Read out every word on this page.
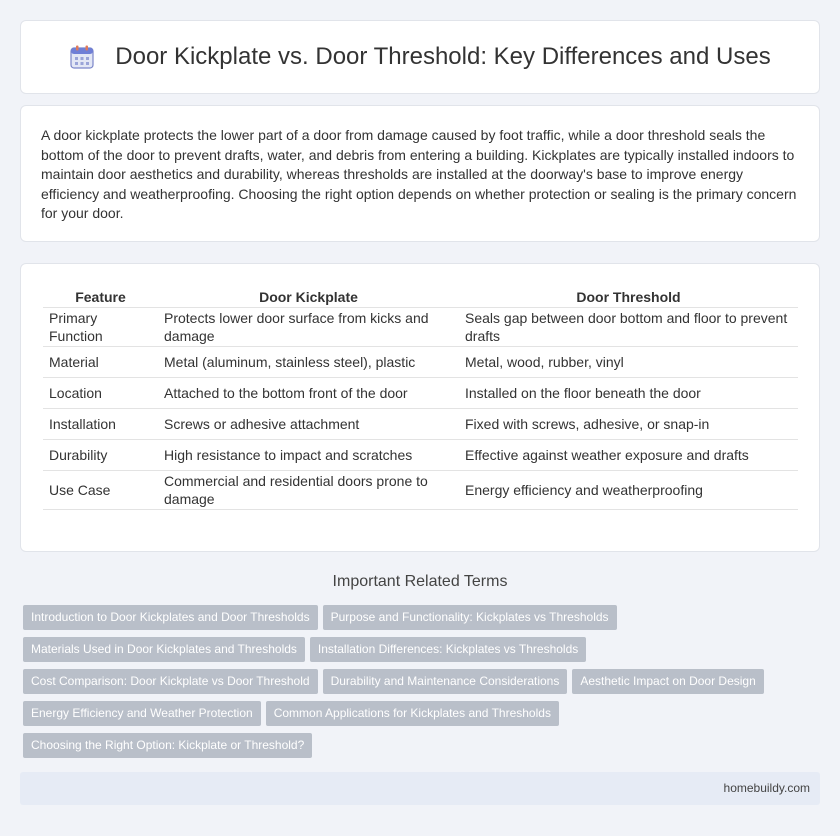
Door Kickplate vs. Door Threshold: Key Differences and Uses

A door kickplate protects the lower part of a door from damage caused by foot traffic, while a door threshold seals the bottom of the door to prevent drafts, water, and debris from entering a building. Kickplates are typically installed indoors to maintain door aesthetics and durability, whereas thresholds are installed at the doorway's base to improve energy efficiency and weatherproofing. Choosing the right option depends on whether protection or sealing is the primary concern for your door.

Feature	Door Kickplate	Door Threshold
Primary Function	Protects lower door surface from kicks and damage	Seals gap between door bottom and floor to prevent drafts
Material	Metal (aluminum, stainless steel), plastic	Metal, wood, rubber, vinyl
Location	Attached to the bottom front of the door	Installed on the floor beneath the door
Installation	Screws or adhesive attachment	Fixed with screws, adhesive, or snap-in
Durability	High resistance to impact and scratches	Effective against weather exposure and drafts
Use Case	Commercial and residential doors prone to damage	Energy efficiency and weatherproofing
Important Related Terms
Introduction to Door Kickplates and Door Thresholds	Purpose and Functionality: Kickplates vs Thresholds
Materials Used in Door Kickplates and Thresholds	Installation Differences: Kickplates vs Thresholds
Cost Comparison: Door Kickplate vs Door Threshold	Durability and Maintenance Considerations	Aesthetic Impact on Door Design
Energy Efficiency and Weather Protection	Common Applications for Kickplates and Thresholds
Choosing the Right Option: Kickplate or Threshold?
homebuildy.com
